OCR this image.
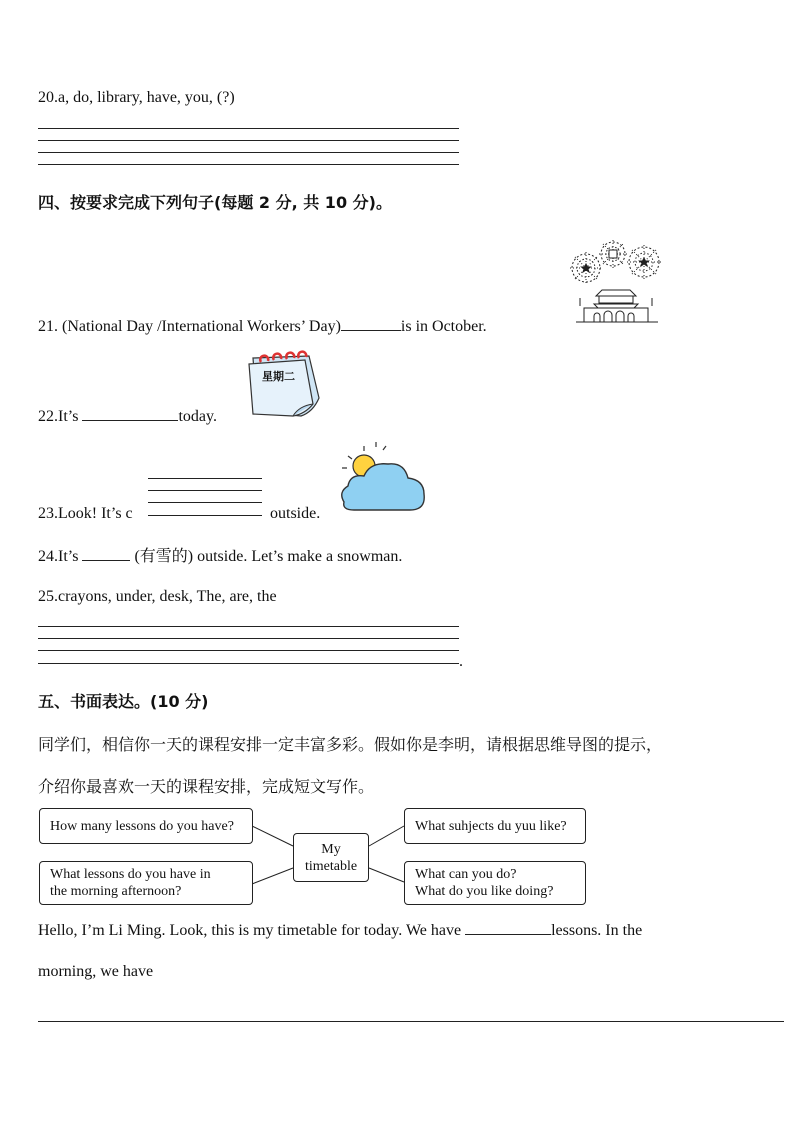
20.a, do, library, have, you, (?)
四、按要求完成下列句子(每题 2 分, 共 10 分)。
21. (National Day /International Workers’ Day)	is in October.
星期二
22.It’s	today.
23.Look! It’s c	outside.
24.It’s	(有雪的) outside. Let’s make a snowman.
25.crayons, under, desk, The, are, the
.
五、书面表达。(10 分)
同学们，相信你一天的课程安排一定丰富多彩。假如你是李明，请根据思维导图的提示，
介绍你最喜欢一天的课程安排，完成短文写作。
How many lessons do you have?
What lessons do you have in
the morning afternoon?
My
timetable
What suhjects du yuu like?
What can you do?
What do you like doing?
Hello, I’m Li Ming. Look, this is my timetable for today. We have	lessons. In the
morning, we have
